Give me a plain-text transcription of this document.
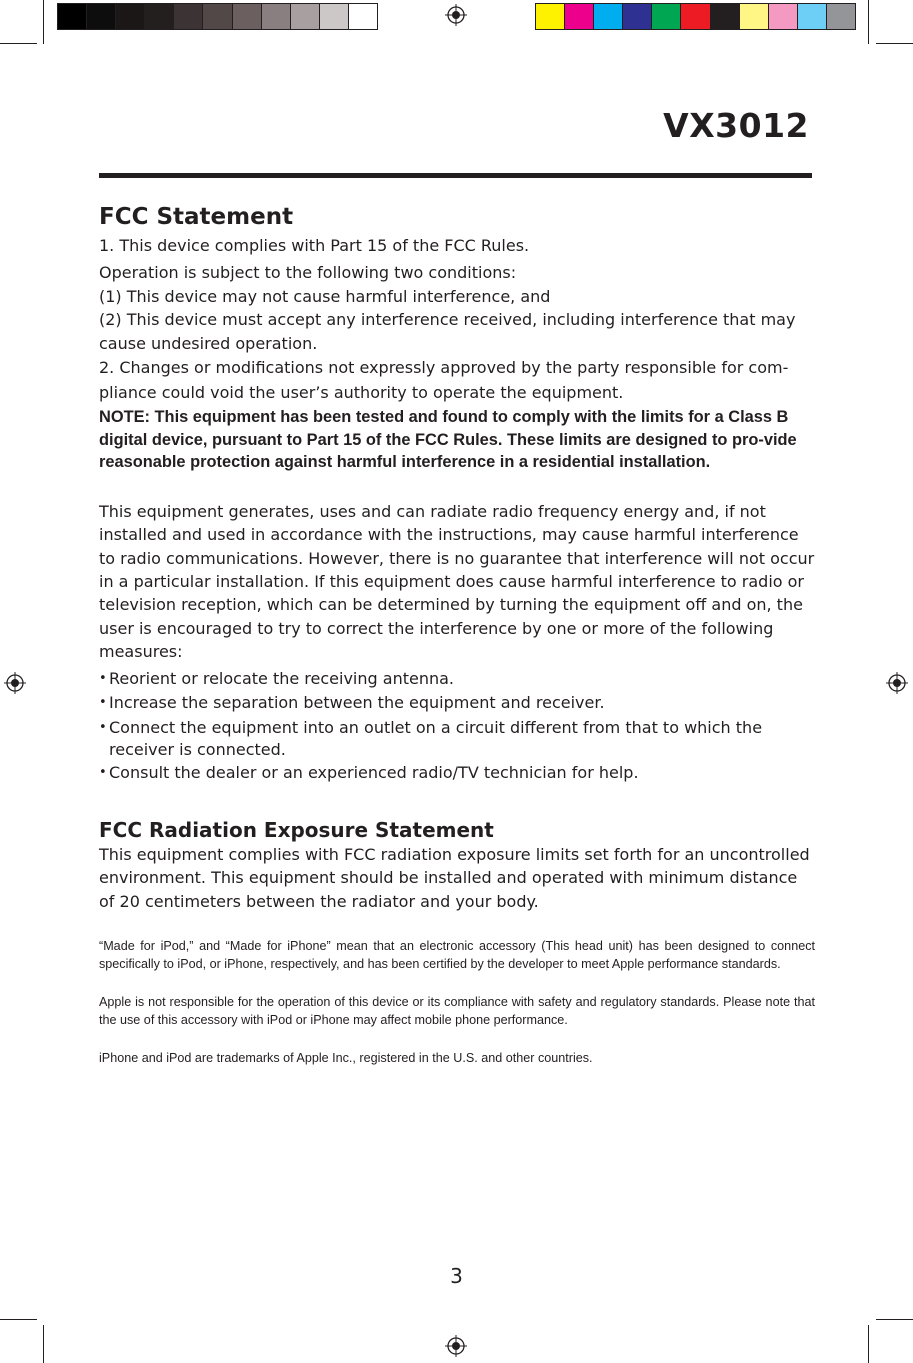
VX3012
FCC Statement

1. This device complies with Part 15 of the FCC Rules.

Operation is subject to the following two conditions:

(1) This device may not cause harmful interference, and

(2) This device must accept any interference received, including interference that may cause undesired operation.

2. Changes or modifications not expressly approved by the party responsible for com-pliance could void the user’s authority to operate the equipment.

NOTE: This equipment has been tested and found to comply with the limits for a Class B digital device, pursuant to Part 15 of the FCC Rules. These limits are designed to pro-vide reasonable protection against harmful interference in a residential installation.

This equipment generates, uses and can radiate radio frequency energy and, if not installed and used in accordance with the instructions, may cause harmful interference to radio communications. However, there is no guarantee that interference will not occur in a particular installation. If this equipment does cause harmful interference to radio or television reception, which can be determined by turning the equipment off and on, the user is encouraged to try to correct the interference by one or more of the following measures:

• Reorient or relocate the receiving antenna.
• Increase the separation between the equipment and receiver.
• Connect the equipment into an outlet on a circuit different from that to which the receiver is connected.
• Consult the dealer or an experienced radio/TV technician for help.
FCC Radiation Exposure Statement

This equipment complies with FCC radiation exposure limits set forth for an uncontrolled environment. This equipment should be installed and operated with minimum distance of 20 centimeters between the radiator and your body.

“Made for iPod,” and “Made for iPhone” mean that an electronic accessory (This head unit) has been designed to connect specifically to iPod, or iPhone, respectively, and has been certified by the developer to meet Apple performance standards.

Apple is not responsible for the operation of this device or its compliance with safety and regulatory standards. Please note that the use of this accessory with iPod or iPhone may affect mobile phone performance.

iPhone and iPod are trademarks of Apple Inc., registered in the U.S. and other countries.

3
